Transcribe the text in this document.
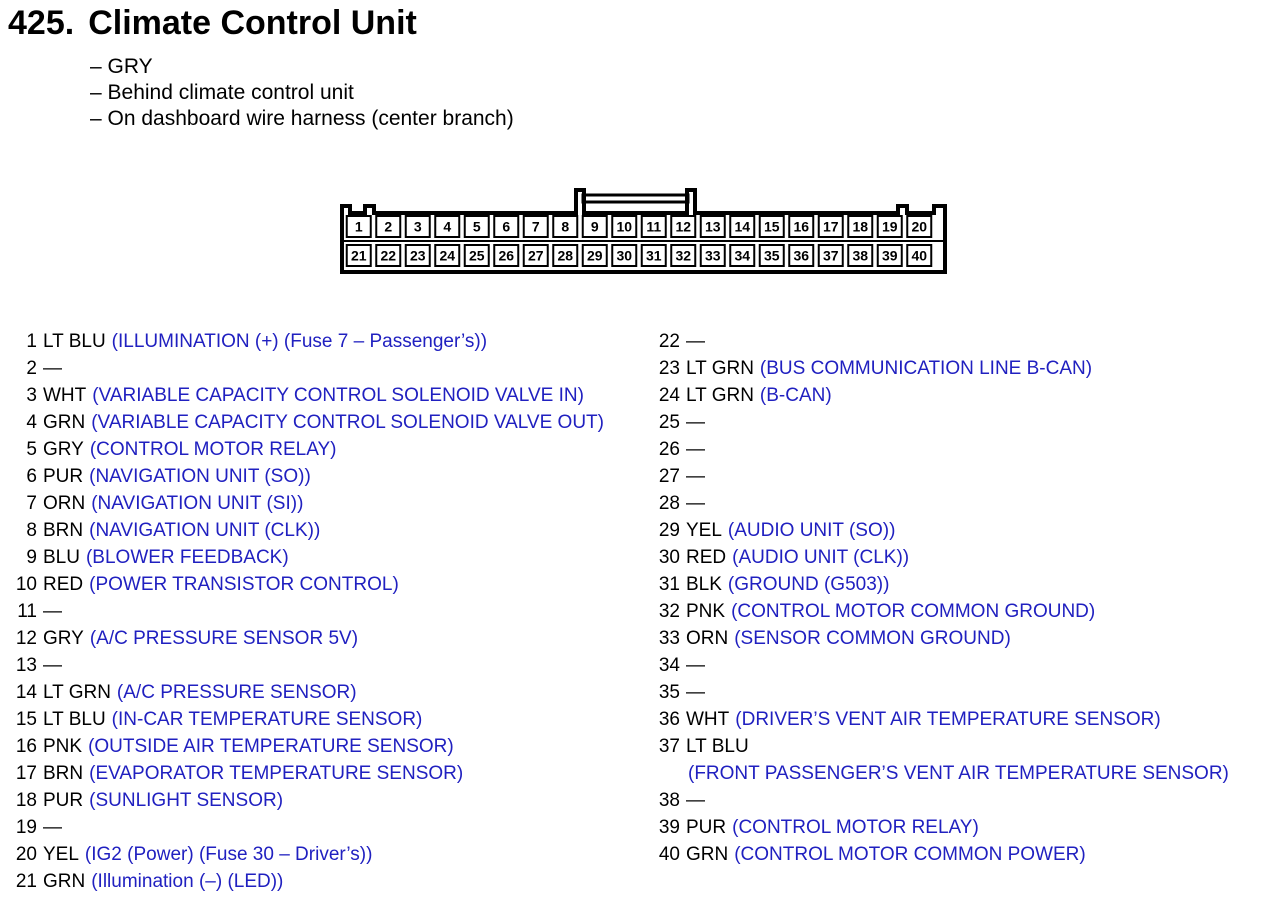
425. Climate Control Unit
– GRY
– Behind climate control unit
– On dashboard wire harness (center branch)
1 2 3 4 5 6 7 8 9 10 11 12 13 14 15 16 17 18 19 20
21 22 23 24 25 26 27 28 29 30 31 32 33 34 35 36 37 38 39 40
1 LT BLU (ILLUMINATION (+) (Fuse 7 – Passenger’s))
2 —
3 WHT (VARIABLE CAPACITY CONTROL SOLENOID VALVE IN)
4 GRN (VARIABLE CAPACITY CONTROL SOLENOID VALVE OUT)
5 GRY (CONTROL MOTOR RELAY)
6 PUR (NAVIGATION UNIT (SO))
7 ORN (NAVIGATION UNIT (SI))
8 BRN (NAVIGATION UNIT (CLK))
9 BLU (BLOWER FEEDBACK)
10 RED (POWER TRANSISTOR CONTROL)
11 —
12 GRY (A/C PRESSURE SENSOR 5V)
13 —
14 LT GRN (A/C PRESSURE SENSOR)
15 LT BLU (IN-CAR TEMPERATURE SENSOR)
16 PNK (OUTSIDE AIR TEMPERATURE SENSOR)
17 BRN (EVAPORATOR TEMPERATURE SENSOR)
18 PUR (SUNLIGHT SENSOR)
19 —
20 YEL (IG2 (Power) (Fuse 30 – Driver’s))
21 GRN (Illumination (–) (LED))
22 —
23 LT GRN (BUS COMMUNICATION LINE B-CAN)
24 LT GRN (B-CAN)
25 —
26 —
27 —
28 —
29 YEL (AUDIO UNIT (SO))
30 RED (AUDIO UNIT (CLK))
31 BLK (GROUND (G503))
32 PNK (CONTROL MOTOR COMMON GROUND)
33 ORN (SENSOR COMMON GROUND)
34 —
35 —
36 WHT (DRIVER’S VENT AIR TEMPERATURE SENSOR)
37 LT BLU
(FRONT PASSENGER’S VENT AIR TEMPERATURE SENSOR)
38 —
39 PUR (CONTROL MOTOR RELAY)
40 GRN (CONTROL MOTOR COMMON POWER)
